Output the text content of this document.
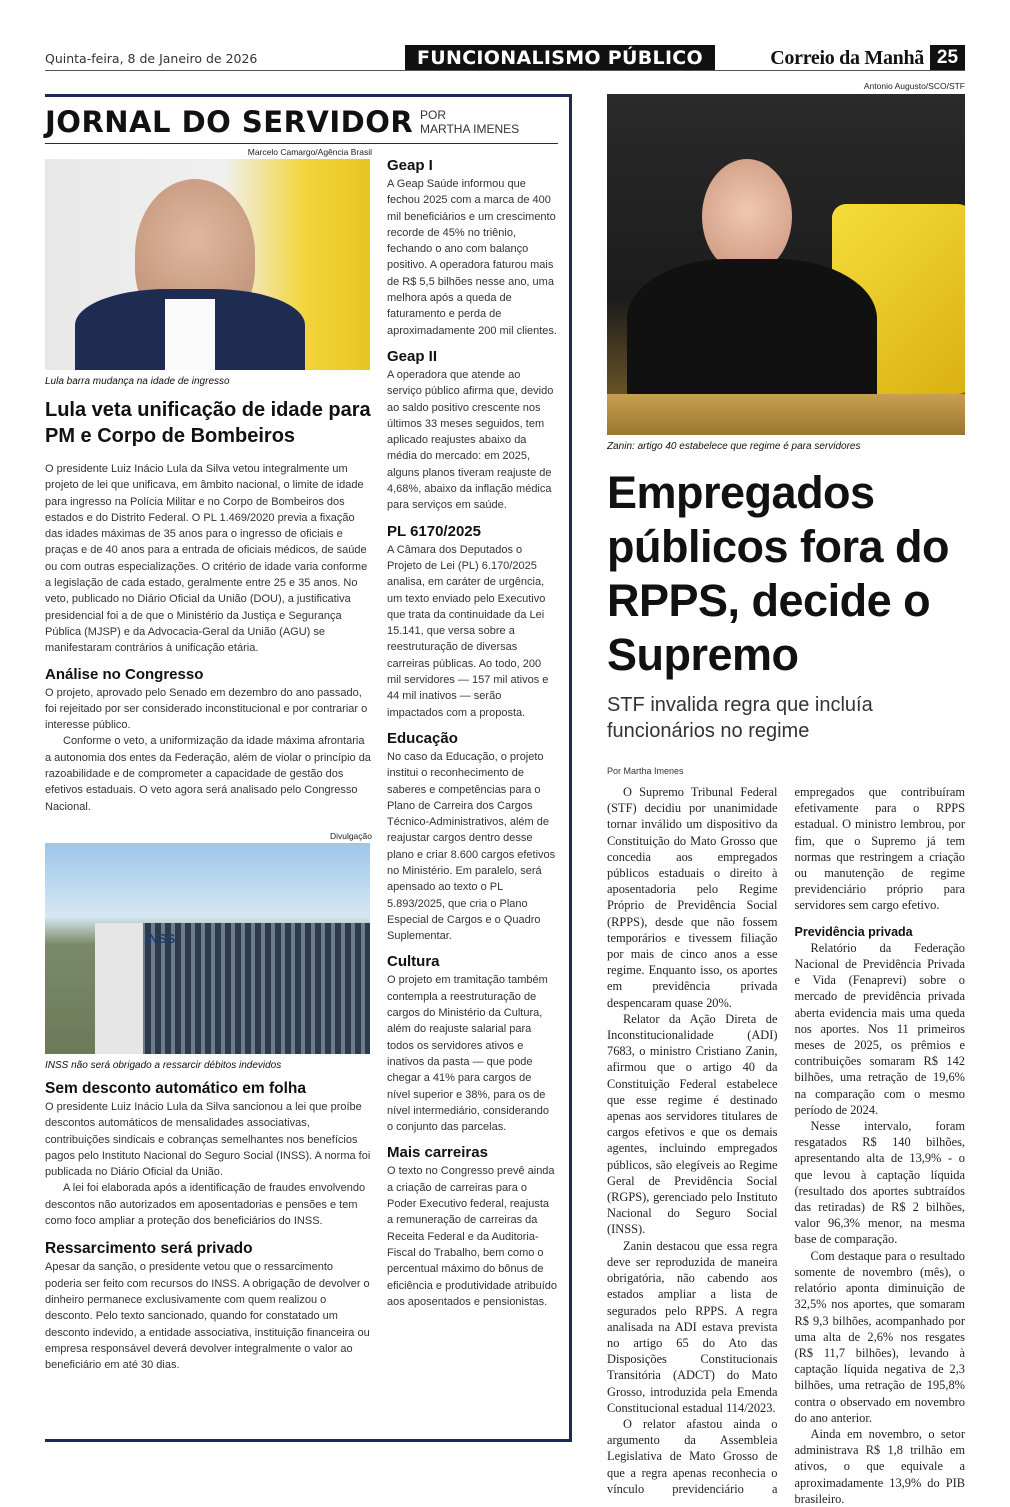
Quinta-feira, 8 de Janeiro de 2026	FUNCIONALISMO PÚBLICO	Correio da Manhã 25
JORNAL DO SERVIDOR POR
MARTHA IMENES
Marcelo Camargo/Agência Brasil
Lula barra mudança na idade de ingresso
Lula veta unificação de idade para PM e Corpo de Bombeiros

O presidente Luiz Inácio Lula da Silva vetou integralmente um projeto de lei que unificava, em âmbito nacional, o limite de idade para ingresso na Polícia Militar e no Corpo de Bombeiros dos estados e do Distrito Federal. O PL 1.469/2020 previa a fixação das idades máximas de 35 anos para o ingresso de oficiais e praças e de 40 anos para a entrada de oficiais médicos, de saúde ou com outras especializações. O critério de idade varia conforme a legislação de cada estado, geralmente entre 25 e 35 anos. No veto, publicado no Diário Oficial da União (DOU), a justificativa presidencial foi a de que o Ministério da Justiça e Segurança Pública (MJSP) e da Advocacia-Geral da União (AGU) se manifestaram contrários à unificação etária.

Análise no Congresso

O projeto, aprovado pelo Senado em dezembro do ano passado, foi rejeitado por ser considerado inconstitucional e por contrariar o interesse público.

Conforme o veto, a uniformização da idade máxima afrontaria a autonomia dos entes da Federação, além de violar o princípio da razoabilidade e de comprometer a capacidade de gestão dos efetivos estaduais. O veto agora será analisado pelo Congresso Nacional.

Divulgação
INSS
INSS não será obrigado a ressarcir débitos indevidos
Sem desconto automático em folha

O presidente Luiz Inácio Lula da Silva sancionou a lei que proíbe descontos automáticos de mensalidades associativas, contribuições sindicais e cobranças semelhantes nos benefícios pagos pelo Instituto Nacional do Seguro Social (INSS). A norma foi publicada no Diário Oficial da União.

A lei foi elaborada após a identificação de fraudes envolvendo descontos não autorizados em aposentadorias e pensões e tem como foco ampliar a proteção dos beneficiários do INSS.

Ressarcimento será privado

Apesar da sanção, o presidente vetou que o ressarcimento poderia ser feito com recursos do INSS. A obrigação de devolver o dinheiro permanece exclusivamente com quem realizou o desconto. Pelo texto sancionado, quando for constatado um desconto indevido, a entidade associativa, instituição financeira ou empresa responsável deverá devolver integralmente o valor ao beneficiário em até 30 dias.

Geap I
A Geap Saúde informou que fechou 2025 com a marca de 400 mil beneficiários e um crescimento recorde de 45% no triênio, fechando o ano com balanço positivo. A operadora faturou mais de R$ 5,5 bilhões nesse ano, uma melhora após a queda de faturamento e perda de aproximadamente 200 mil clientes.
Geap II
A operadora que atende ao serviço público afirma que, devido ao saldo positivo crescente nos últimos 33 meses seguidos, tem aplicado reajustes abaixo da média do mercado: em 2025, alguns planos tiveram reajuste de 4,68%, abaixo da inflação médica para serviços em saúde.
PL 6170/2025
A Câmara dos Deputados o Projeto de Lei (PL) 6.170/2025 analisa, em caráter de urgência, um texto enviado pelo Executivo que trata da continuidade da Lei 15.141, que versa sobre a reestruturação de diversas carreiras públicas. Ao todo, 200 mil servidores — 157 mil ativos e 44 mil inativos — serão impactados com a proposta.
Educação
No caso da Educação, o projeto institui o reconhecimento de saberes e competências para o Plano de Carreira dos Cargos Técnico-Administrativos, além de reajustar cargos dentro desse plano e criar 8.600 cargos efetivos no Ministério. Em paralelo, será apensado ao texto o PL 5.893/2025, que cria o Plano Especial de Cargos e o Quadro Suplementar.
Cultura
O projeto em tramitação também contempla a reestruturação de cargos do Ministério da Cultura, além do reajuste salarial para todos os servidores ativos e inativos da pasta — que pode chegar a 41% para cargos de nível superior e 38%, para os de nível intermediário, considerando o conjunto das parcelas.
Mais carreiras
O texto no Congresso prevê ainda a criação de carreiras para o Poder Executivo federal, reajusta a remuneração de carreiras da Receita Federal e da Auditoria-Fiscal do Trabalho, bem como o percentual máximo do bônus de eficiência e produtividade atribuído aos aposentados e pensionistas.
Antonio Augusto/SCO/STF
Zanin: artigo 40 estabelece que regime é para servidores
Empregados públicos fora do RPPS, decide o Supremo
STF invalida regra que incluía funcionários no regime
Por Martha Imenes

O Supremo Tribunal Federal (STF) decidiu por unanimidade tornar inválido um dispositivo da Constituição do Mato Grosso que concedia aos empregados públicos estaduais o direito à aposentadoria pelo Regime Próprio de Previdência Social (RPPS), desde que não fossem temporários e tivessem filiação por mais de cinco anos a esse regime. Enquanto isso, os aportes em previdência privada despencaram quase 20%.

Relator da Ação Direta de Inconstitucionalidade (ADI) 7683, o ministro Cristiano Zanin, afirmou que o artigo 40 da Constituição Federal estabelece que esse regime é destinado apenas aos servidores titulares de cargos efetivos e que os demais agentes, incluindo empregados públicos, são elegíveis ao Regime Geral de Previdência Social (RGPS), gerenciado pelo Instituto Nacional do Seguro Social (INSS).

Zanin destacou que essa regra deve ser reproduzida de maneira obrigatória, não cabendo aos estados ampliar a lista de segurados pelo RPPS. A regra analisada na ADI estava prevista no artigo 65 do Ato das Disposições Constitucionais Transitória (ADCT) do Mato Grosso, introduzida pela Emenda Constitucional estadual 114/2023.

O relator afastou ainda o argumento da Assembleia Legislativa de Mato Grosso de que a regra apenas reconhecia o vínculo previdenciário a empregados que contribuíram efetivamente para o RPPS estadual. O ministro lembrou, por fim, que o Supremo já tem normas que restringem a criação ou manutenção de regime previdenciário próprio para servidores sem cargo efetivo.

Previdência privada

Relatório da Federação Nacional de Previdência Privada e Vida (Fenaprevi) sobre o mercado de previdência privada aberta evidencia mais uma queda nos aportes. Nos 11 primeiros meses de 2025, os prêmios e contribuições somaram R$ 142 bilhões, uma retração de 19,6% na comparação com o mesmo período de 2024.

Nesse intervalo, foram resgatados R$ 140 bilhões, apresentando alta de 13,9% - o que levou à captação líquida (resultado dos aportes subtraídos das retiradas) de R$ 2 bilhões, valor 96,3% menor, na mesma base de comparação.

Com destaque para o resultado somente de novembro (mês), o relatório aponta diminuição de 32,5% nos aportes, que somaram R$ 9,3 bilhões, acompanhado por uma alta de 2,6% nos resgates (R$ 11,7 bilhões), levando à captação líquida negativa de 2,3 bilhões, uma retração de 195,8% contra o observado em novembro do ano anterior.

Ainda em novembro, o setor administrava R$ 1,8 trilhão em ativos, o que equivale a aproximadamente 13,9% do PIB brasileiro.
